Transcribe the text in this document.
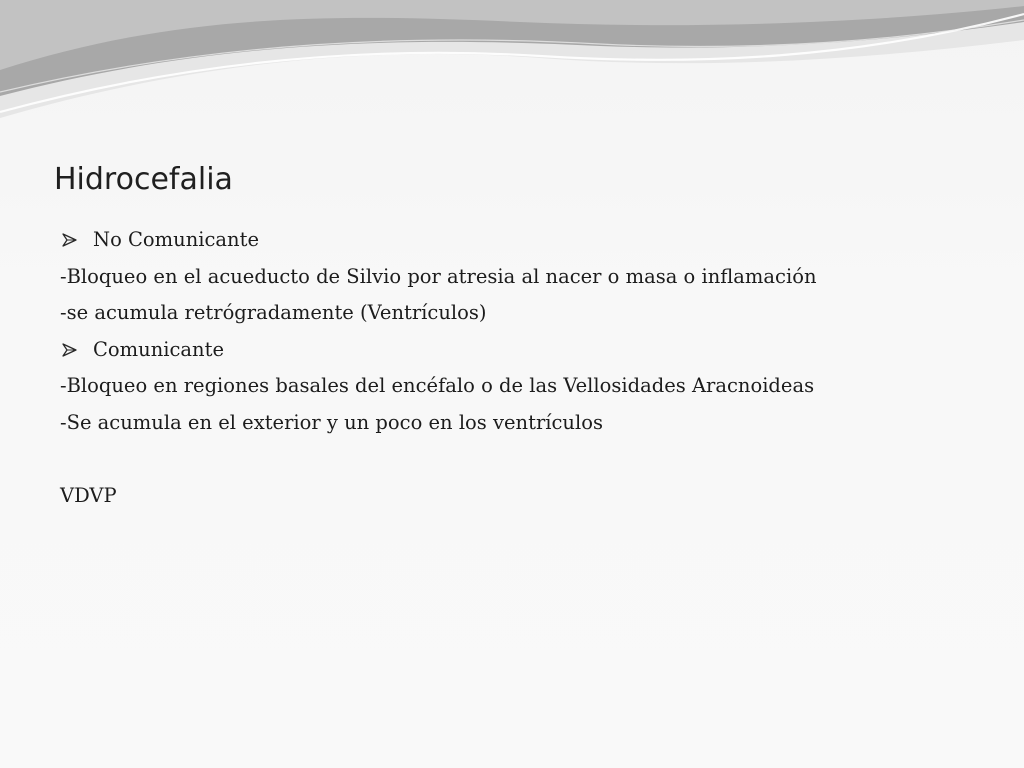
Hidrocefalia
No Comunicante
-Bloqueo en el acueducto de Silvio por atresia al nacer o masa o inflamación
-se acumula retrógradamente (Ventrículos)
Comunicante
-Bloqueo en regiones basales del encéfalo o de las Vellosidades Aracnoideas
-Se acumula en el exterior y un poco en los ventrículos
VDVP
